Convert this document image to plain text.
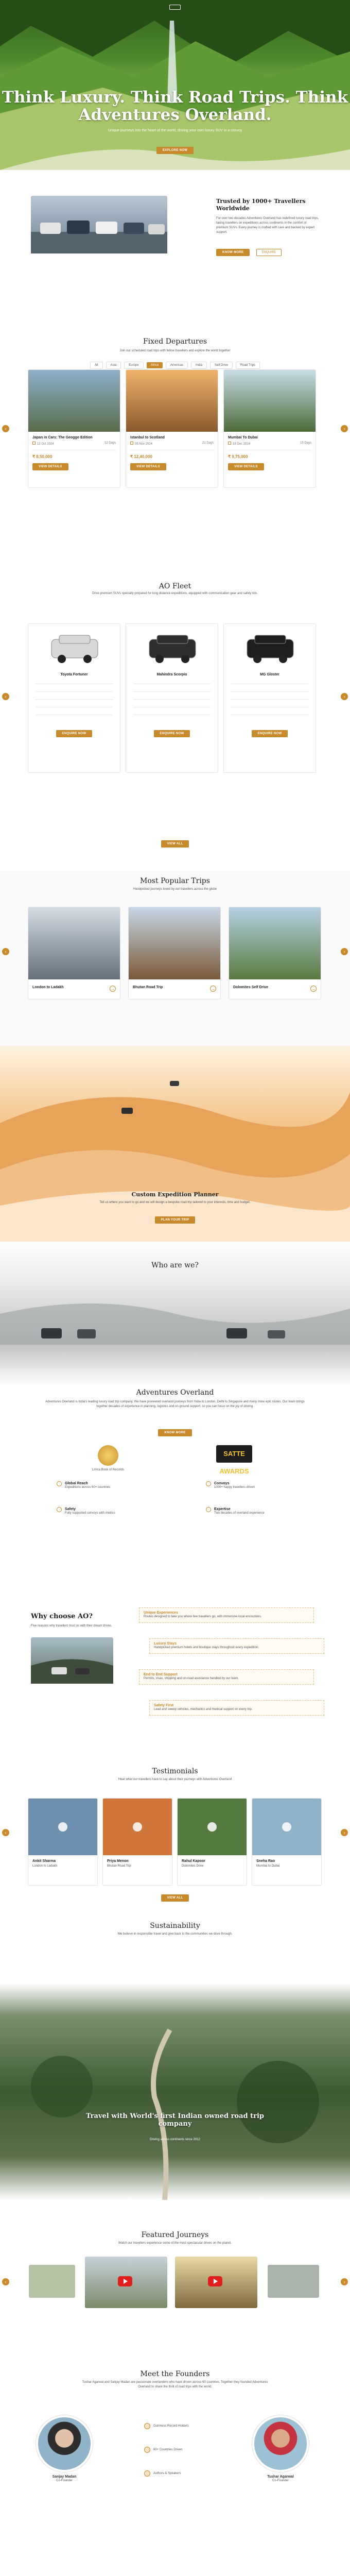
Think Luxury. Think Road Trips. Think
Adventures Overland.
Unique journeys into the heart of the world, driving your own luxury SUV in a convoy
EXPLORE NOW
Trusted by 1000+ Travellers
Worldwide
For over two decades Adventures Overland has redefined luxury road trips, taking travellers on expeditions across continents in the comfort of premium SUVs. Every journey is crafted with care and backed by expert support.
KNOW MORE	ENQUIRE
Fixed Departures
Join our scheduled road trips with fellow travellers and explore the world together
All	Asia	Europe	Africa	Americas	India	Self Drive	Road Trips
Japan in Cars: The Geoggo Edition
12 Oct 2024	12 Days
₹ 8,50,000
VIEW DETAILS
Istanbul to Scotland
05 Nov 2024	21 Days
₹ 12,40,000
VIEW DETAILS
Mumbai To Dubai
18 Dec 2024	15 Days
₹ 9,75,000
VIEW DETAILS
‹	›
AO Fleet
Drive premium SUVs specially prepared for long distance expeditions, equipped with communication gear and safety kits.
Toyota Fortuner
ENQUIRE NOW
Mahindra Scorpio
ENQUIRE NOW
MG Gloster
ENQUIRE NOW
‹	›
VIEW ALL
Most Popular Trips
Handpicked journeys loved by our travellers across the globe
London to Ladakh	→	Bhutan Road Trip	→	Dolomites Self Drive	→
‹	›
Custom Expedition Planner
Tell us where you want to go and we will design a bespoke road trip tailored to your interests, time and budget.
PLAN YOUR TRIP
Who are we?
Adventures Overland
Adventures Overland is India's leading luxury road trip company. We have pioneered overland journeys from India to London, Delhi to Singapore and many more epic routes. Our team brings together decades of experience in planning, logistics and on-ground support, so you can focus on the joy of driving.
KNOW MORE
Limca Book of Records
SATTE AWARDS
Global Reach
Expeditions across 60+ countries
Convoys
1000+ happy travellers driven
Safety
Fully supported convoys with medics
Expertise
Two decades of overland experience
Why choose AO?
Five reasons why travellers trust us with their dream drives.
Unique Experiences
Routes designed to take you where few travellers go, with immersive local encounters.
Luxury Stays
Handpicked premium hotels and boutique stays throughout every expedition.
End to End Support
Permits, visas, shipping and on-road assistance handled by our team.
Safety First
Lead and sweep vehicles, mechanics and medical support on every trip.
Testimonials
Hear what our travellers have to say about their journeys with Adventures Overland
Ankit Sharma
London to Ladakh
Priya Menon
Bhutan Road Trip
Rahul Kapoor
Dolomites Drive
Sneha Rao
Mumbai to Dubai
‹	›
VIEW ALL
Sustainability
We believe in responsible travel and give back to the communities we drive through.
Travel with World's first Indian owned road trip company
Driving across continents since 2012
Featured Journeys
Watch our travellers experience some of the most spectacular drives on the planet.
‹	›
Meet the Founders
Tushar Agarwal and Sanjay Madan are passionate overlanders who have driven across 60 countries. Together they founded Adventures Overland to share the thrill of road trips with the world.
Sanjay Madan
Co-Founder
Guinness Record Holders
60+ Countries Driven
Authors & Speakers
Tushar Agarwal
Co-Founder
